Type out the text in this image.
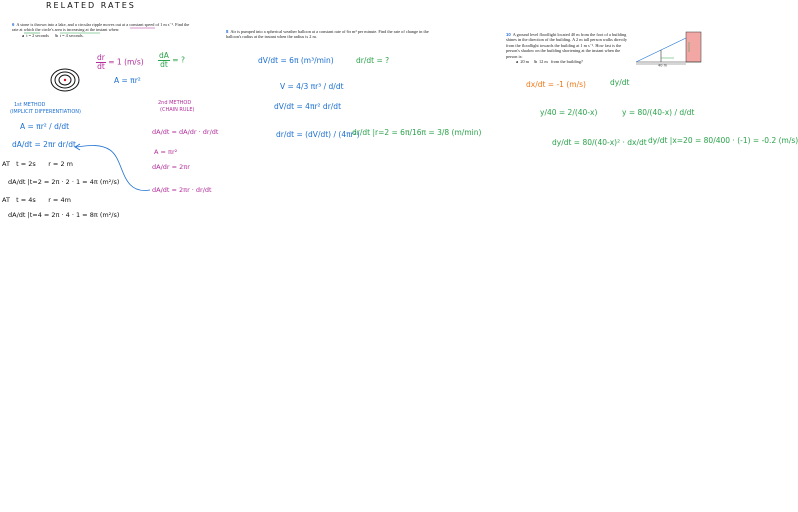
RELATED RATES
6 A stone is thrown into a lake, and a circular ripple moves out at a constant speed of 1 m s⁻¹. Find the rate at which the circle's area is increasing at the instant when:
a t = 2 seconds b t = 4 seconds.
$\frac{dr}{dt} = 1$ $(m/s) \frac{dA}{dt}$ = ?
A = πr²
1st METHOD
(IMPLICIT DIFFERENTIATION)
A = πr² / d/dt
dA/dt = 2πr dr/dt
AT t = 2s r = 2 m
dA/dt |t=2 = 2π · 2 · 1 = 4π (m²/s)
AT t = 4s r = 4m
dA/dt |t=4 = 2π · 4 · 1 = 8π (m²/s)
2nd METHOD
(CHAIN RULE)
dA/dt = dA/dr · dr/dt
A = πr²
dA/dr = 2πr
dA/dt = 2πr · dr/dt
8 Air is pumped into a spherical weather balloon at a constant rate of 6π m³ per minute. Find the rate of change in the balloon's radius at the instant when the radius is 2 m.
dV/dt = 6π (m³/min)	dr/dt = ?
V = 4/3 πr³ / d/dt
dV/dt = 4πr² dr/dt
dr/dt = (dV/dt) / (4πr²)
dr/dt |r=2 = 6π/16π = 3/8 (m/min)
10 A ground level floodlight located 40 m from the foot of a building shines in the direction of the building. A 2 m tall person walks directly from the floodlight towards the building at 1 m s⁻¹. How fast is the person's shadow on the building shortening at the instant when the person is:
a 20 m b 12 m from the building?
40 m
dx/dt = -1 (m/s)	dy/dt
y/40 = 2/(40-x)	y = 80/(40-x) / d/dt
dy/dt = 80/(40-x)² · dx/dt dy/dt |x=20 = 80/400 · (-1) = -0.2 (m/s)
